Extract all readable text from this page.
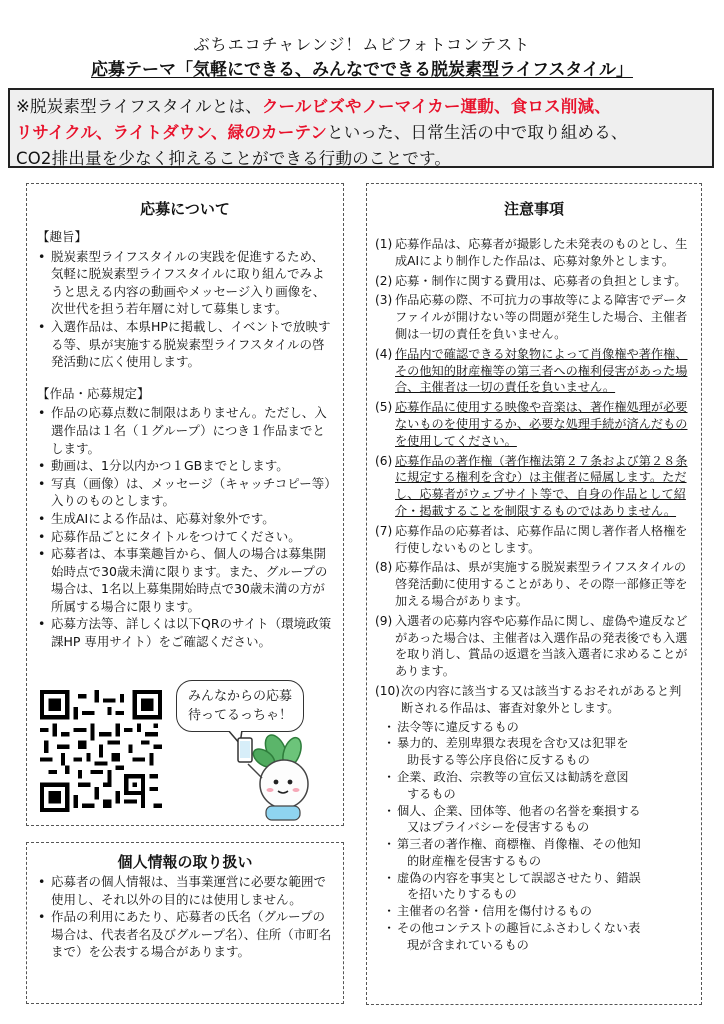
ぶちエコチャレンジ！ムビフォトコンテスト
応募テーマ「気軽にできる、みんなでできる脱炭素型ライフスタイル」
※脱炭素型ライフスタイルとは、クールビズやノーマイカー運動、食ロス削減、
リサイクル、ライトダウン、緑のカーテンといった、日常生活の中で取り組める、
CO2排出量を少なく抑えることができる行動のことです。
応募について
【趣旨】
• 脱炭素型ライフスタイルの実践を促進するため、気軽に脱炭素型ライフスタイルに取り組んでみようと思える内容の動画やメッセージ入り画像を、次世代を担う若年層に対して募集します。
• 入選作品は、本県HPに掲載し、イベントで放映する等、県が実施する脱炭素型ライフスタイルの啓発活動に広く使用します。
【作品・応募規定】
• 作品の応募点数に制限はありません。ただし、入選作品は１名（１グループ）につき１作品までとします。
• 動画は、1分以内かつ１GBまでとします。
• 写真（画像）は、メッセージ（キャッチコピー等）入りのものとします。
• 生成AIによる作品は、応募対象外です。
• 応募作品ごとにタイトルをつけてください。
• 応募者は、本事業趣旨から、個人の場合は募集開始時点で30歳未満に限ります。また、グループの場合は、1名以上募集開始時点で30歳未満の方が所属する場合に限ります。
• 応募方法等、詳しくは以下QRのサイト（環境政策課HP 専用サイト）をご確認ください。
みんなからの応募
待ってるっちゃ！
個人情報の取り扱い
• 応募者の個人情報は、当事業運営に必要な範囲で使用し、それ以外の目的には使用しません。
• 作品の利用にあたり、応募者の氏名（グループの場合は、代表者名及びグループ名）、住所（市町名まで）を公表する場合があります。
注意事項
(1) 応募作品は、応募者が撮影した未発表のものとし、生成AIにより制作した作品は、応募対象外とします。
(2) 応募・制作に関する費用は、応募者の負担とします。
(3) 作品応募の際、不可抗力の事故等による障害でデータファイルが開けない等の問題が発生した場合、主催者側は一切の責任を負いません。
(4) 作品内で確認できる対象物によって肖像権や著作権、その他知的財産権等の第三者への権利侵害があった場合、主催者は一切の責任を負いません。
(5) 応募作品に使用する映像や音楽は、著作権処理が必要ないものを使用するか、必要な処理手続が済んだものを使用してください。
(6) 応募作品の著作権（著作権法第２７条および第２８条に規定する権利を含む）は主催者に帰属します。ただし、応募者がウェブサイト等で、自身の作品として紹介・掲載することを制限するものではありません。
(7) 応募作品の応募者は、応募作品に関し著作者人格権を行使しないものとします。
(8) 応募作品は、県が実施する脱炭素型ライフスタイルの啓発活動に使用することがあり、その際一部修正等を加える場合があります。
(9) 入選者の応募内容や応募作品に関し、虚偽や違反などがあった場合は、主催者は入選作品の発表後でも入選を取り消し、賞品の返還を当該入選者に求めることがあります。
(10) 次の内容に該当する又は該当するおそれがあると判断される作品は、審査対象外とします。
・ 法令等に違反するもの
・ 暴力的、差別卑猥な表現を含む又は犯罪を
助長する等公序良俗に反するもの
・ 企業、政治、宗教等の宣伝又は勧誘を意図
するもの
・ 個人、企業、団体等、他者の名誉を棄損する
又はプライバシーを侵害するもの
・ 第三者の著作権、商標権、肖像権、その他知
的財産権を侵害するもの
・ 虚偽の内容を事実として誤認させたり、錯誤
を招いたりするもの
・ 主催者の名誉・信用を傷付けるもの
・ その他コンテストの趣旨にふさわしくない表
現が含まれているもの
